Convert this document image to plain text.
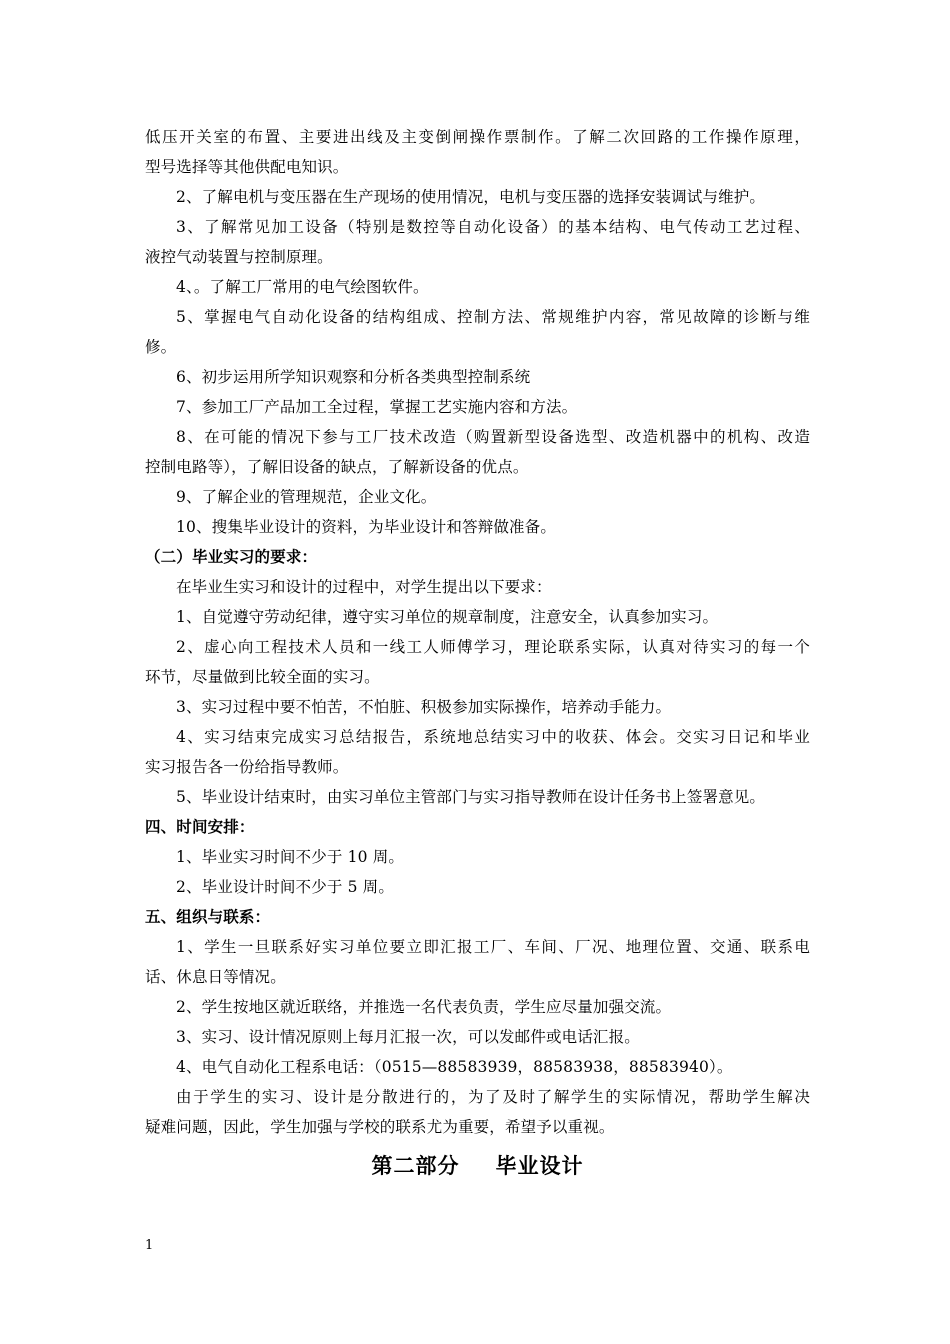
低压开关室的布置、主要进出线及主变倒闸操作票制作。了解二次回路的工作操作原理，
型号选择等其他供配电知识。
2、了解电机与变压器在生产现场的使用情况，电机与变压器的选择安装调试与维护。
3、了解常见加工设备（特别是数控等自动化设备）的基本结构、电气传动工艺过程、
液控气动装置与控制原理。
4、。了解工厂常用的电气绘图软件。
5、掌握电气自动化设备的结构组成、控制方法、常规维护内容，常见故障的诊断与维
修。
6、初步运用所学知识观察和分析各类典型控制系统
7、参加工厂产品加工全过程，掌握工艺实施内容和方法。
8、在可能的情况下参与工厂技术改造（购置新型设备选型、改造机器中的机构、改造
控制电路等），了解旧设备的缺点，了解新设备的优点。
9、了解企业的管理规范，企业文化。
10、搜集毕业设计的资料，为毕业设计和答辩做准备。
（二）毕业实习的要求：
在毕业生实习和设计的过程中，对学生提出以下要求：
1、自觉遵守劳动纪律，遵守实习单位的规章制度，注意安全，认真参加实习。
2、虚心向工程技术人员和一线工人师傅学习，理论联系实际，认真对待实习的每一个
环节，尽量做到比较全面的实习。
3、实习过程中要不怕苦，不怕脏、积极参加实际操作，培养动手能力。
4、实习结束完成实习总结报告，系统地总结实习中的收获、体会。交实习日记和毕业
实习报告各一份给指导教师。
5、毕业设计结束时，由实习单位主管部门与实习指导教师在设计任务书上签署意见。
四、时间安排：
1、毕业实习时间不少于 10 周。
2、毕业设计时间不少于 5 周。
五、组织与联系：
1、学生一旦联系好实习单位要立即汇报工厂、车间、厂况、地理位置、交通、联系电
话、休息日等情况。
2、学生按地区就近联络，并推选一名代表负责，学生应尽量加强交流。
3、实习、设计情况原则上每月汇报一次，可以发邮件或电话汇报。
4、电气自动化工程系电话：（0515—88583939，88583938，88583940）。
由于学生的实习、设计是分散进行的，为了及时了解学生的实际情况，帮助学生解决
疑难问题，因此，学生加强与学校的联系尤为重要，希望予以重视。
第二部分 毕业设计
1
